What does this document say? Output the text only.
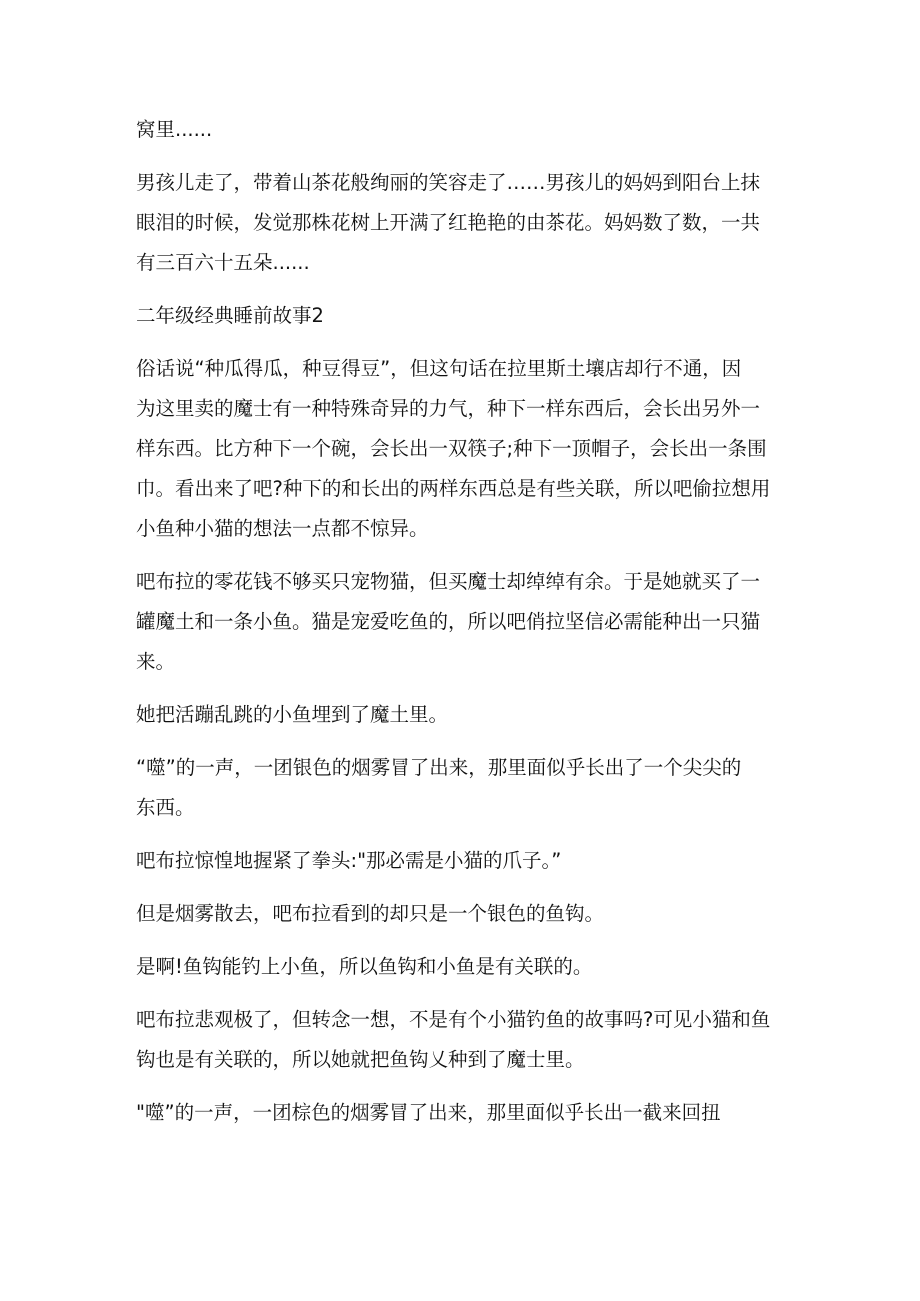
窝里......

男孩儿走了，带着山茶花般绚丽的笑容走了……男孩儿的妈妈到阳台上抹
眼泪的时候，发觉那株花树上开满了红艳艳的由茶花。妈妈数了数，一共
有三百六十五朵......

二年级经典睡前故事2

俗话说“种瓜得瓜，种豆得豆”，但这句话在拉里斯土壤店却行不通，因
为这里卖的魔士有一种特殊奇异的力气，种下一样东西后，会长出另外一
样东西。比方种下一个碗，会长出一双筷子;种下一顶帽子，会长出一条围
巾。看出来了吧?种下的和长出的两样东西总是有些关联，所以吧偷拉想用
小鱼种小猫的想法一点都不惊异。

吧布拉的零花钱不够买只宠物猫，但买魔士却绰绰有余。于是她就买了一
罐魔土和一条小鱼。猫是宠爱吃鱼的，所以吧俏拉坚信必需能种出一只猫
来。

她把活蹦乱跳的小鱼埋到了魔土里。

“噬”的一声，一团银色的烟雾冒了出来，那里面似乎长出了一个尖尖的
东西。

吧布拉惊惶地握紧了拳头:"那必需是小猫的爪子。”

但是烟雾散去，吧布拉看到的却只是一个银色的鱼钩。

是啊!鱼钩能钓上小鱼，所以鱼钩和小鱼是有关联的。

吧布拉悲观极了，但转念一想，不是有个小猫钓鱼的故事吗?可见小猫和鱼
钩也是有关联的，所以她就把鱼钩乂种到了魔士里。

"噬”的一声，一团棕色的烟雾冒了出来，那里面似乎长出一截来回扭
